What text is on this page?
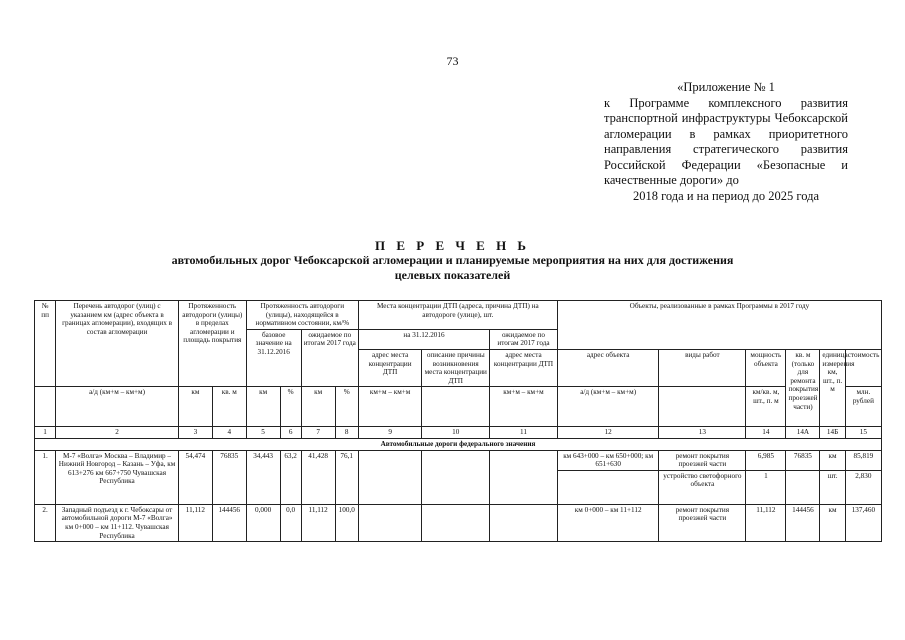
73
«Приложение № 1
к Программе комплексного развития транспортной инфраструктуры Чебоксарской агломерации в рамках приоритетного направления стратегического развития Российской Федерации «Безопасные и качественные дороги» до
2018 года и на период до 2025 года
П Е Р Е Ч Е Н Ь
автомобильных дорог Чебоксарской агломерации и планируемые мероприятия на них для достижения целевых показателей
№ пп	Перечень автодорог (улиц) с указанием км (адрес объекта в границах агломерации), входящих в состав агломерации	Протяженность автодороги (улицы) в пределах агломерации и площадь покрытия		Протяженность автодороги (улицы), находящейся в нормативном состоянии, км/%				Места концентрации ДТП (адреса, причина ДТП) на автодороге (улице), шт.			Объекты, реализованные в рамках Программы в 2017 году					
				базовое значение на 31.12.2016		ожидаемое по итогам 2017 года		на 31.12.2016		ожидаемое по итогам 2017 года						
								адрес места концентрации ДТП	описание причины возникновения места концентрации ДТП	адрес места концентрации ДТП	адрес объекта	виды работ	мощность объекта	кв. м (только для ремонта покрытия проезжей части)	единица измерения км, шт., п. м	стоимость
	а/д (км+м – км+м)	км	кв. м	км	%	км	%	км+м – км+м		км+м – км+м	а/д (км+м – км+м)		км/кв. м, шт., п. м			млн. рублей
1	2	3	4	5	6	7	8	9	10	11	12	13	14	14А	14Б	15
Автомобильные дороги федерального значения																
1.	М-7 «Волга» Москва – Владимир – Нижний Новгород – Казань – Уфа, км 613+276 км 667+750 Чувашская Республика	54,474	76835	34,443	63,2	41,428	76,1				км 643+000 – км 650+000; км 651+630	ремонт покрытия проезжей части	6,985	76835	км	85,819
												устройство светофорного объекта	1		шт.	2,830
2.	Западный подъезд к г. Чебоксары от автомобильной дороги М-7 «Волга» км 0+000 – км 11+112. Чувашская Республика	11,112	144456	0,000	0,0	11,112	100,0				км 0+000 – км 11+112	ремонт покрытия проезжей части	11,112	144456	км	137,460
